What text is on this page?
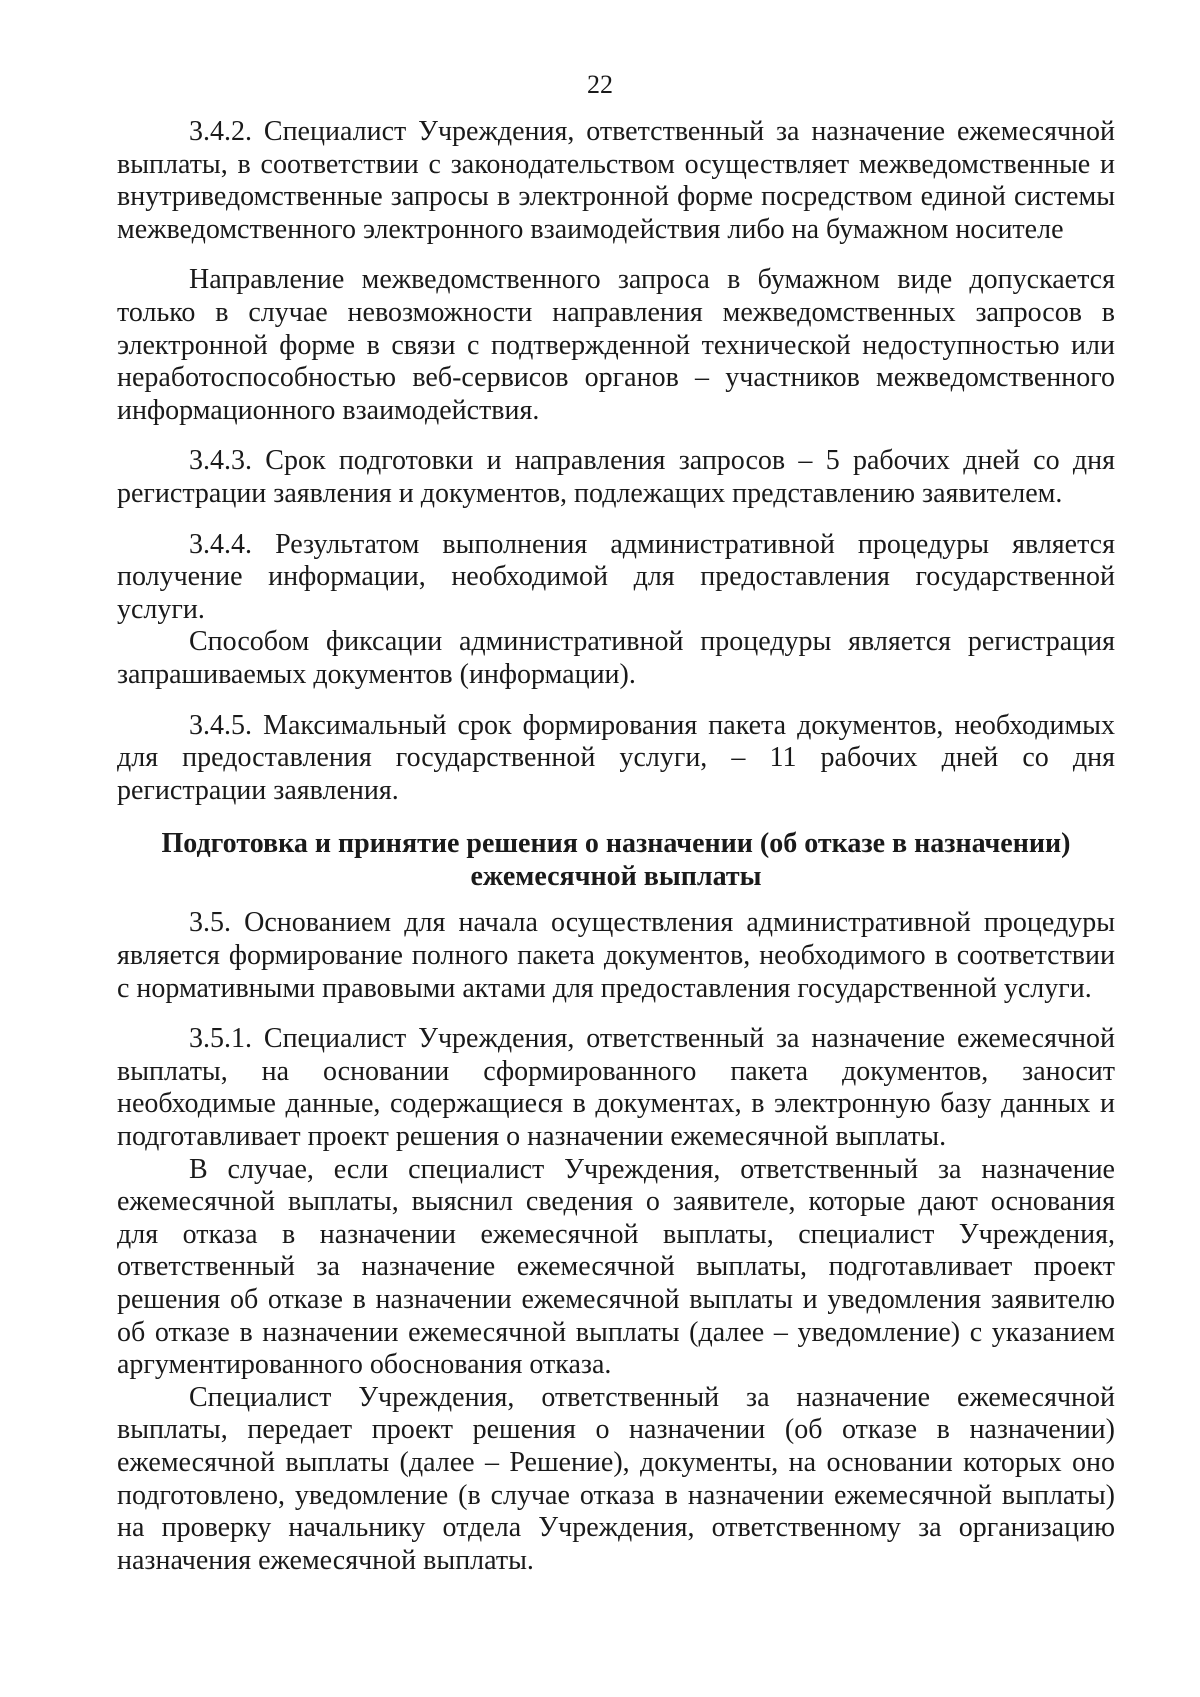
22

3.4.2. Специалист Учреждения, ответственный за назначение ежемесячной выплаты, в соответствии с законодательством осуществляет межведомственные и внутриведомственные запросы в электронной форме посредством единой системы межведомственного электронного взаимодействия либо на бумажном носителе

Направление межведомственного запроса в бумажном виде допускается только в случае невозможности направления межведомственных запросов в электронной форме в связи с подтвержденной технической недоступностью или неработоспособностью веб-сервисов органов – участников межведомственного информационного взаимодействия.

3.4.3. Срок подготовки и направления запросов – 5 рабочих дней со дня регистрации заявления и документов, подлежащих представлению заявителем.

3.4.4. Результатом выполнения административной процедуры является получение информации, необходимой для предоставления государственной услуги.

Способом фиксации административной процедуры является регистрация запрашиваемых документов (информации).

3.4.5. Максимальный срок формирования пакета документов, необходимых для предоставления государственной услуги, – 11 рабочих дней со дня регистрации заявления.

Подготовка и принятие решения о назначении (об отказе в назначении)
ежемесячной выплаты

3.5. Основанием для начала осуществления административной процедуры является формирование полного пакета документов, необходимого в соответствии с нормативными правовыми актами для предоставления государственной услуги.

3.5.1. Специалист Учреждения, ответственный за назначение ежемесячной выплаты, на основании сформированного пакета документов, заносит необходимые данные, содержащиеся в документах, в электронную базу данных и подготавливает проект решения о назначении ежемесячной выплаты.

В случае, если специалист Учреждения, ответственный за назначение ежемесячной выплаты, выяснил сведения о заявителе, которые дают основания для отказа в назначении ежемесячной выплаты, специалист Учреждения, ответственный за назначение ежемесячной выплаты, подготавливает проект решения об отказе в назначении ежемесячной выплаты и уведомления заявителю об отказе в назначении ежемесячной выплаты (далее – уведомление) с указанием аргументированного обоснования отказа.

Специалист Учреждения, ответственный за назначение ежемесячной выплаты, передает проект решения о назначении (об отказе в назначении) ежемесячной выплаты (далее – Решение), документы, на основании которых оно подготовлено, уведомление (в случае отказа в назначении ежемесячной выплаты) на проверку начальнику отдела Учреждения, ответственному за организацию назначения ежемесячной выплаты.
